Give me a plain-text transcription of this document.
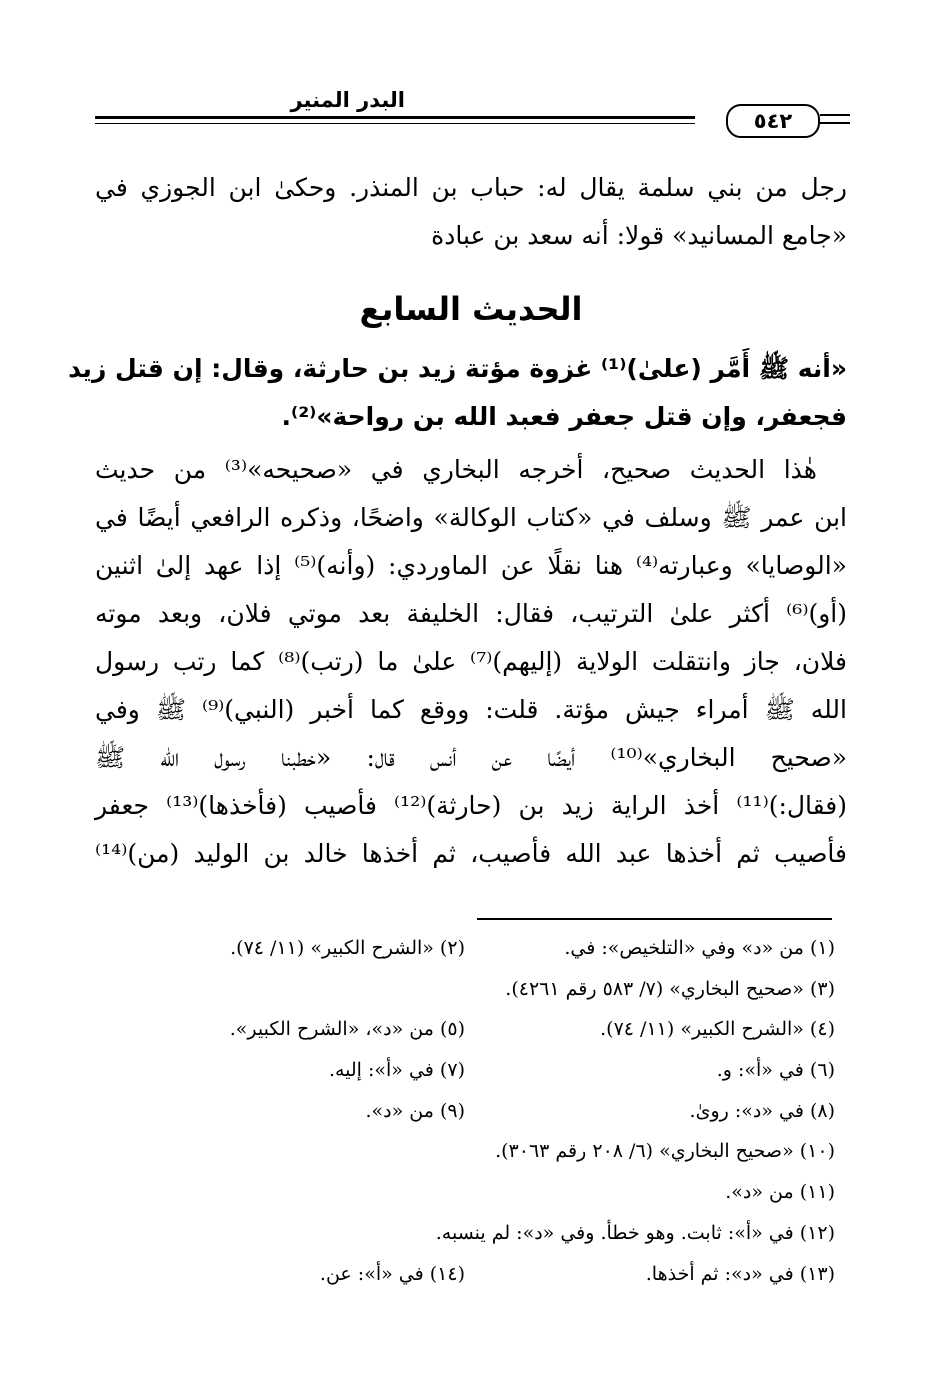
البدر المنير
٥٤٢
رجل من بني سلمة يقال له: حباب بن المنذر. وحكىٰ ابن الجوزي في
«جامع المسانيد» قولا: أنه سعد بن عبادة
الحديث السابع
«أنه ﷺ أَمَّر (علىٰ)⁽¹⁾ غزوة مؤتة زيد بن حارثة، وقال: إن قتل زيد
فجعفر، وإن قتل جعفر فعبد الله بن رواحة»⁽²⁾.
هٰذا الحديث صحيح، أخرجه البخاري في «صحيحه»⁽³⁾ من حديث
ابن عمر ﷺ وسلف في «كتاب الوكالة» واضحًا، وذكره الرافعي أيضًا في
«الوصايا» وعبارته⁽⁴⁾ هنا نقلًا عن الماوردي: (وأنه)⁽⁵⁾ إذا عهد إلىٰ اثنين
(أو)⁽⁶⁾ أكثر علىٰ الترتيب، فقال: الخليفة بعد موتي فلان، وبعد موته
فلان، جاز وانتقلت الولاية (إليهم)⁽⁷⁾ علىٰ ما (رتب)⁽⁸⁾ كما رتب رسول
الله ﷺ أمراء جيش مؤتة. قلت: ووقع كما أخبر (النبي)⁽⁹⁾ ﷺ وفي
«صحيح البخاري»⁽¹⁰⁾ أيضًا عن أنس قال: «خطبنا رسول الله ﷺ
(فقال:)⁽¹¹⁾ أخذ الراية زيد بن (حارثة)⁽¹²⁾ فأصيب (فأخذها)⁽¹³⁾ جعفر
فأصيب ثم أخذها عبد الله فأصيب، ثم أخذها خالد بن الوليد (من)⁽¹⁴⁾
(١) من «د» وفي «التلخيص»: في.
(٢) «الشرح الكبير» (١١/ ٧٤).
(٣) «صحيح البخاري» (٧/ ٥٨٣ رقم ٤٢٦١).
(٤) «الشرح الكبير» (١١/ ٧٤).
(٥) من «د»، «الشرح الكبير».
(٦) في «أ»: و.
(٧) في «أ»: إليه.
(٨) في «د»: روىٰ.
(٩) من «د».
(١٠) «صحيح البخاري» (٦/ ٢٠٨ رقم ٣٠٦٣).
(١١) من «د».
(١٢) في «أ»: ثابت. وهو خطأ. وفي «د»: لم ينسبه.
(١٣) في «د»: ثم أخذها.
(١٤) في «أ»: عن.
